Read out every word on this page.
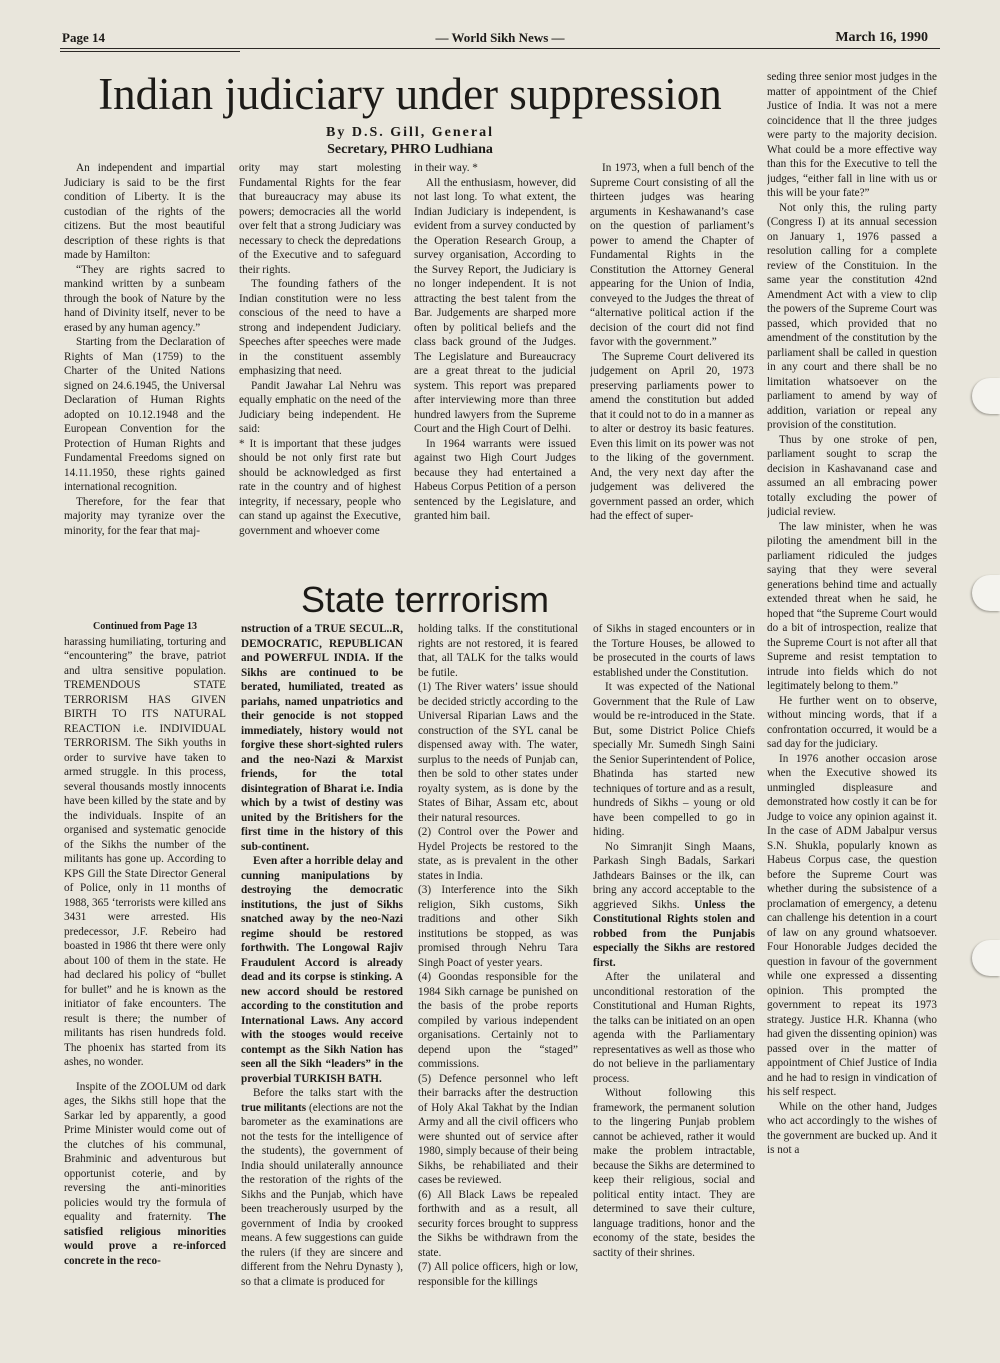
Page 14	— World Sikh News —	March 16, 1990
Indian judiciary under suppression
By D.S. Gill, General
Secretary, PHRO Ludhiana

An independent and impartial Judiciary is said to be the first condition of Liberty. It is the custodian of the rights of the citizens. But the most beautiful description of these rights is that made by Hamilton:

“They are rights sacred to mankind written by a sunbeam through the book of Nature by the hand of Divinity itself, never to be erased by any human agency.”

Starting from the Declaration of Rights of Man (1759) to the Charter of the United Nations signed on 24.6.1945, the Universal Declaration of Human Rights adopted on 10.12.1948 and the European Convention for the Protection of Human Rights and Fundamental Freedoms signed on 14.11.1950, these rights gained international recognition.

Therefore, for the fear that majority may tyranize over the minority, for the fear that maj-

ority may start molesting Fundamental Rights for the fear that bureaucracy may abuse its powers; democracies all the world over felt that a strong Judiciary was necessary to check the depredations of the Executive and to safeguard their rights.

The founding fathers of the Indian constitution were no less conscious of the need to have a strong and independent Judiciary. Speeches after speeches were made in the constituent assembly emphasizing that need.

Pandit Jawahar Lal Nehru was equally emphatic on the need of the Judiciary being independent. He said:

* It is important that these judges should be not only first rate but should be acknowledged as first rate in the country and of highest integrity, if necessary, people who can stand up against the Executive, government and whoever come

in their way. *

All the enthusiasm, however, did not last long. To what extent, the Indian Judiciary is independent, is evident from a survey conducted by the Operation Research Group, a survey organisation, According to the Survey Report, the Judiciary is no longer independent. It is not attracting the best talent from the Bar. Judgements are sharped more often by political beliefs and the class back ground of the Judges. The Legislature and Bureaucracy are a great threat to the judicial system. This report was prepared after interviewing more than three hundred lawyers from the Supreme Court and the High Court of Delhi.

In 1964 warrants were issued against two High Court Judges because they had entertained a Habeus Corpus Petition of a person sentenced by the Legislature, and granted him bail.

In 1973, when a full bench of the Supreme Court consisting of all the thirteen judges was hearing arguments in Keshawanand’s case on the question of parliament’s power to amend the Chapter of Fundamental Rights in the Constitution the Attorney General appearing for the Union of India, conveyed to the Judges the threat of “alternative political action if the decision of the court did not find favor with the government.”

The Supreme Court delivered its judgement on April 20, 1973 preserving parliaments power to amend the constitution but added that it could not to do in a manner as to alter or destroy its basic features. Even this limit on its power was not to the liking of the government. And, the very next day after the judgement was delivered the government passed an order, which had the effect of super-

seding three senior most judges in the matter of appointment of the Chief Justice of India. It was not a mere coincidence that ll the three judges were party to the majority decision. What could be a more effective way than this for the Executive to tell the judges, “either fall in line with us or this will be your fate?”

Not only this, the ruling party (Congress I) at its annual secession on January 1, 1976 passed a resolution calling for a complete review of the Constituion. In the same year the constitution 42nd Amendment Act with a view to clip the powers of the Supreme Court was passed, which provided that no amendment of the constitution by the parliament shall be called in question in any court and there shall be no limitation whatsoever on the parliament to amend by way of addition, variation or repeal any provision of the constitution.

Thus by one stroke of pen, parliament sought to scrap the decision in Kashavanand case and assumed an all embracing power totally excluding the power of judicial review.

The law minister, when he was piloting the amendment bill in the parliament ridiculed the judges saying that they were several generations behind time and actually extended threat when he said, he hoped that “the Supreme Court would do a bit of introspection, realize that the Supreme Court is not after all that Supreme and resist temptation to intrude into fields which do not legitimately belong to them.”

He further went on to observe, without mincing words, that if a confrontation occurred, it would be a sad day for the judiciary.

In 1976 another occasion arose when the Executive showed its unmingled displeasure and demonstrated how costly it can be for Judge to voice any opinion against it. In the case of ADM Jabalpur versus S.N. Shukla, popularly known as Habeus Corpus case, the question before the Supreme Court was whether during the subsistence of a proclamation of emergency, a detenu can challenge his detention in a court of law on any ground whatsoever. Four Honorable Judges decided the question in favour of the government while one expressed a dissenting opinion. This prompted the government to repeat its 1973 strategy. Justice H.R. Khanna (who had given the dissenting opinion) was passed over in the matter of appointment of Chief Justice of India and he had to resign in vindication of his self respect.

While on the other hand, Judges who act accordingly to the wishes of the government are bucked up. And it is not a

State terrrorism

Continued from Page 13

harassing humiliating, torturing and “encountering” the brave, patriot and ultra sensitive population. TREMENDOUS STATE TERRORISM HAS GIVEN BIRTH TO ITS NATURAL REACTION i.e. INDIVIDUAL TERRORISM. The Sikh youths in order to survive have taken to armed struggle. In this process, several thousands mostly innocents have been killed by the state and by the individuals. Inspite of an organised and systematic genocide of the Sikhs the number of the militants has gone up. According to KPS Gill the State Director General of Police, only in 11 months of 1988, 365 ‘terrorists were killed ans 3431 were arrested. His predecessor, J.F. Rebeiro had boasted in 1986 tht there were only about 100 of them in the state. He had declared his policy of “bullet for bullet” and he is known as the initiator of fake encounters. The result is there; the number of militants has risen hundreds fold. The phoenix has started from its ashes, no wonder.

Inspite of the ZOOLUM od dark ages, the Sikhs still hope that the Sarkar led by apparently, a good Prime Minister would come out of the clutches of his communal, Brahminic and adventurous but opportunist coterie, and by reversing the anti-minorities policies would try the formula of equality and fraternity. The satisfied religious minorities would prove a re-inforced concrete in the reco-

nstruction of a TRUE SECUL..R, DEMOCRATIC, REPUBLICAN and POWERFUL INDIA. If the Sikhs are continued to be berated, humiliated, treated as pariahs, named unpatriotics and their genocide is not stopped immediately, history would not forgive these short-sighted rulers and the neo-Nazi & Marxist friends, for the total disintegration of Bharat i.e. India which by a twist of destiny was united by the Britishers for the first time in the history of this sub-continent.

Even after a horrible delay and cunning manipulations by destroying the democratic institutions, the just of Sikhs snatched away by the neo-Nazi regime should be restored forthwith. The Longowal Rajiv Fraudulent Accord is already dead and its corpse is stinking. A new accord should be restored according to the constitution and International Laws. Any accord with the stooges would receive contempt as the Sikh Nation has seen all the Sikh “leaders” in the proverbial TURKISH BATH.

Before the talks start with the true militants (elections are not the barometer as the examinations are not the tests for the intelligence of the students), the government of India should unilaterally announce the restoration of the rights of the Sikhs and the Punjab, which have been treacherously usurped by the government of India by crooked means. A few suggestions can guide the rulers (if they are sincere and different from the Nehru Dynasty ), so that a climate is produced for

holding talks. If the constitutional rights are not restored, it is feared that, all TALK for the talks would be futile.

(1) The River waters’ issue should be decided strictly according to the Universal Riparian Laws and the construction of the SYL canal be dispensed away with. The water, surplus to the needs of Punjab can, then be sold to other states under royalty system, as is done by the States of Bihar, Assam etc, about their natural resources.

(2) Control over the Power and Hydel Projects be restored to the state, as is prevalent in the other states in India.

(3) Interference into the Sikh religion, Sikh customs, Sikh traditions and other Sikh institutions be stopped, as was promised through Nehru Tara Singh Poact of yester years.

(4) Goondas responsible for the 1984 Sikh carnage be punished on the basis of the probe reports compiled by various independent organisations. Certainly not to depend upon the “staged” commissions.

(5) Defence personnel who left their barracks after the destruction of Holy Akal Takhat by the Indian Army and all the civil officers who were shunted out of service after 1980, simply because of their being Sikhs, be rehabiliated and their cases be reviewed.

(6) All Black Laws be repealed forthwith and as a result, all security forces brought to suppress the Sikhs be withdrawn from the state.

(7) All police officers, high or low, responsible for the killings

of Sikhs in staged encounters or in the Torture Houses, be allowed to be prosecuted in the courts of laws established under the Constitution.

It was expected of the National Government that the Rule of Law would be re-introduced in the State. But, some District Police Chiefs specially Mr. Sumedh Singh Saini the Senior Superintendent of Police, Bhatinda has started new techniques of torture and as a result, hundreds of Sikhs – young or old have been compelled to go in hiding.

No Simranjit Singh Maans, Parkash Singh Badals, Sarkari Jathdears Bainses or the ilk, can bring any accord acceptable to the aggrieved Sikhs. Unless the Constitutional Rights stolen and robbed from the Punjabis especially the Sikhs are restored first.

After the unilateral and unconditional restoration of the Constitutional and Human Rights, the talks can be initiated on an open agenda with the Parliamentary representatives as well as those who do not believe in the parliamentary process.

Without following this framework, the permanent solution to the lingering Punjab problem cannot be achieved, rather it would make the problem intractable, because the Sikhs are determined to keep their religious, social and political entity intact. They are determined to save their culture, language traditions, honor and the economy of the state, besides the sactity of their shrines.
